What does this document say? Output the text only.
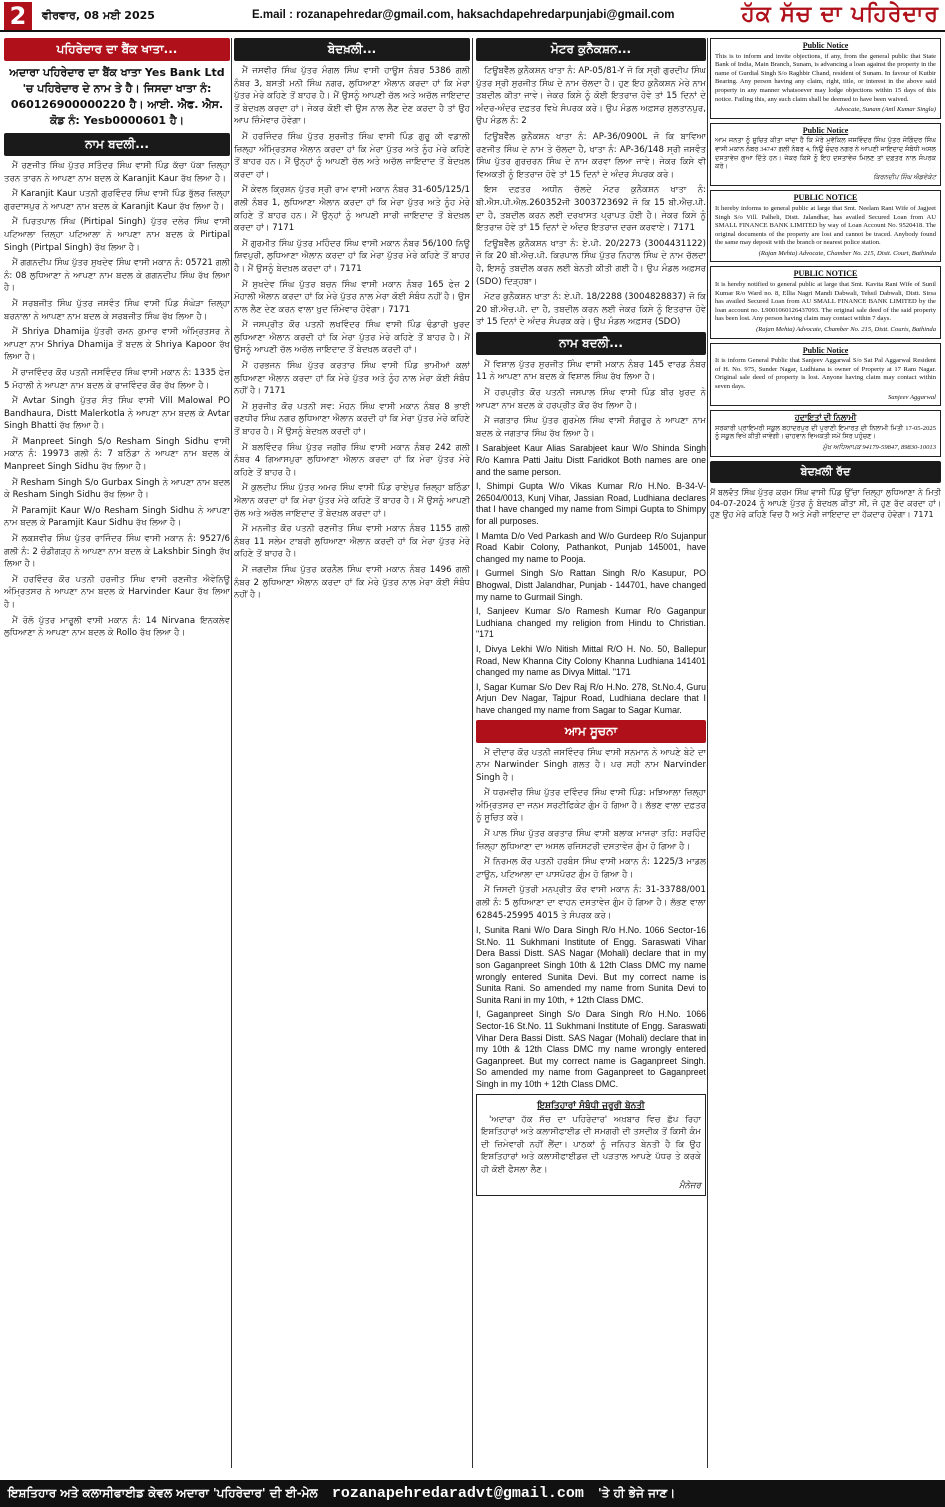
2	ਵੀਰਵਾਰ, 08 ਮਈ 2025	E.mail : rozanapehredar@gmail.com, haksachdapehredarpunjabi@gmail.com	ਹੱਕ ਸੱਚ ਦਾ ਪਹਿਰੇਦਾਰ
ਪਹਿਰੇਦਾਰ ਦਾ ਬੈਂਕ ਖਾਤਾ...
ਅਦਾਰਾ ਪਹਿਰੇਦਾਰ ਦਾ ਬੈਂਕ ਖਾਤਾ Yes Bank Ltd 'ਚ ਪਹਿਰੇਦਾਰ ਦੇ ਨਾਮ ਤੇ ਹੈ। ਜਿਸਦਾ ਖਾਤਾ ਨੰ: 060126900000220 ਹੈ। ਆਈ. ਐਫ. ਐਸ. ਕੋਡ ਨੰ: Yesb0000601 ਹੈ।
ਨਾਮ ਬਦਲੀ...

ਮੈਂ ਰਣਜੀਤ ਸਿੰਘ ਪੁੱਤਰ ਸਤਿੰਦਰ ਸਿੰਘ ਵਾਸੀ ਪਿੰਡ ਕੱਚਾ ਪੱਕਾ ਜ਼ਿਲ੍ਹਾ ਤਰਨ ਤਾਰਨ ਨੇ ਆਪਣਾ ਨਾਮ ਬਦਲ ਕੇ Karanjit Kaur ਰੱਖ ਲਿਆ ਹੈ।

ਮੈਂ Karanjit Kaur ਪਤਨੀ ਗੁਰਵਿੰਦਰ ਸਿੰਘ ਵਾਸੀ ਪਿੰਡ ਭੁੱਲਰ ਜ਼ਿਲ੍ਹਾ ਗੁਰਦਾਸਪੁਰ ਨੇ ਆਪਣਾ ਨਾਮ ਬਦਲ ਕੇ Karanjit Kaur ਰੱਖ ਲਿਆ ਹੈ।

ਮੈਂ ਪਿਰਤਪਾਲ ਸਿੰਘ (Pirtipal Singh) ਪੁੱਤਰ ਦਲੇਰ ਸਿੰਘ ਵਾਸੀ ਪਟਿਆਲਾ ਜ਼ਿਲ੍ਹਾ ਪਟਿਆਲਾ ਨੇ ਆਪਣਾ ਨਾਮ ਬਦਲ ਕੇ Pirtipal Singh (Pirtpal Singh) ਰੱਖ ਲਿਆ ਹੈ।

ਮੈਂ ਗਗਨਦੀਪ ਸਿੰਘ ਪੁੱਤਰ ਸੁਖਦੇਵ ਸਿੰਘ ਵਾਸੀ ਮਕਾਨ ਨੰ: 05721 ਗਲੀ ਨੰ: 08 ਲੁਧਿਆਣਾ ਨੇ ਆਪਣਾ ਨਾਮ ਬਦਲ ਕੇ ਗਗਨਦੀਪ ਸਿੰਘ ਰੱਖ ਲਿਆ ਹੈ।

ਮੈਂ ਸਰਬਜੀਤ ਸਿੰਘ ਪੁੱਤਰ ਜਸਵੰਤ ਸਿੰਘ ਵਾਸੀ ਪਿੰਡ ਸੰਘੇੜਾ ਜ਼ਿਲ੍ਹਾ ਬਰਨਾਲਾ ਨੇ ਆਪਣਾ ਨਾਮ ਬਦਲ ਕੇ ਸਰਬਜੀਤ ਸਿੰਘ ਰੱਖ ਲਿਆ ਹੈ।

ਮੈਂ Shriya Dhamija ਪੁੱਤਰੀ ਰਮਨ ਕੁਮਾਰ ਵਾਸੀ ਅੰਮ੍ਰਿਤਸਰ ਨੇ ਆਪਣਾ ਨਾਮ Shriya Dhamija ਤੋਂ ਬਦਲ ਕੇ Shriya Kapoor ਰੱਖ ਲਿਆ ਹੈ।

ਮੈਂ ਰਾਜਵਿੰਦਰ ਕੌਰ ਪਤਨੀ ਜਸਵਿੰਦਰ ਸਿੰਘ ਵਾਸੀ ਮਕਾਨ ਨੰ: 1335 ਫੇਜ਼ 5 ਮੋਹਾਲੀ ਨੇ ਆਪਣਾ ਨਾਮ ਬਦਲ ਕੇ ਰਾਜਵਿੰਦਰ ਕੌਰ ਰੱਖ ਲਿਆ ਹੈ।

ਮੈਂ Avtar Singh ਪੁੱਤਰ ਸੰਤ ਸਿੰਘ ਵਾਸੀ Vill Malowal PO Bandhaura, Distt Malerkotla ਨੇ ਆਪਣਾ ਨਾਮ ਬਦਲ ਕੇ Avtar Singh Bhatti ਰੱਖ ਲਿਆ ਹੈ।

ਮੈਂ Manpreet Singh S/o Resham Singh Sidhu ਵਾਸੀ ਮਕਾਨ ਨੰ: 19973 ਗਲੀ ਨੰ: 7 ਬਠਿੰਡਾ ਨੇ ਆਪਣਾ ਨਾਮ ਬਦਲ ਕੇ Manpreet Singh Sidhu ਰੱਖ ਲਿਆ ਹੈ।

ਮੈਂ Resham Singh S/o Gurbax Singh ਨੇ ਆਪਣਾ ਨਾਮ ਬਦਲ ਕੇ Resham Singh Sidhu ਰੱਖ ਲਿਆ ਹੈ।

ਮੈਂ Paramjit Kaur W/o Resham Singh Sidhu ਨੇ ਆਪਣਾ ਨਾਮ ਬਦਲ ਕੇ Paramjit Kaur Sidhu ਰੱਖ ਲਿਆ ਹੈ।

ਮੈਂ ਲਕਸ਼ਵੀਰ ਸਿੰਘ ਪੁੱਤਰ ਰਾਜਿੰਦਰ ਸਿੰਘ ਵਾਸੀ ਮਕਾਨ ਨੰ: 9527/6 ਗਲੀ ਨੰ: 2 ਚੰਡੀਗੜ੍ਹ ਨੇ ਆਪਣਾ ਨਾਮ ਬਦਲ ਕੇ Lakshbir Singh ਰੱਖ ਲਿਆ ਹੈ।

ਮੈਂ ਹਰਵਿੰਦਰ ਕੌਰ ਪਤਨੀ ਹਰਜੀਤ ਸਿੰਘ ਵਾਸੀ ਰਣਜੀਤ ਐਵੇਨਿਊ ਅੰਮ੍ਰਿਤਸਰ ਨੇ ਆਪਣਾ ਨਾਮ ਬਦਲ ਕੇ Harvinder Kaur ਰੱਖ ਲਿਆ ਹੈ।

ਮੈਂ ਰੋਲੋ ਪੁੱਤਰ ਮਾਰੂਲੀ ਵਾਸੀ ਮਕਾਨ ਨੰ: 14 Nirvana ਇਨਕਲੇਵ ਲੁਧਿਆਣਾ ਨੇ ਆਪਣਾ ਨਾਮ ਬਦਲ ਕੇ Rollo ਰੱਖ ਲਿਆ ਹੈ।

ਬੇਦਖ਼ਲੀ...

ਮੈਂ ਜਸਵੀਰ ਸਿੰਘ ਪੁੱਤਰ ਮੰਗਲ ਸਿੰਘ ਵਾਸੀ ਹਾਊਸ ਨੰਬਰ 5386 ਗਲੀ ਨੰਬਰ 3, ਬਸਤੀ ਮਨੀ ਸਿੰਘ ਨਗਰ, ਲੁਧਿਆਣਾ ਐਲਾਨ ਕਰਦਾ ਹਾਂ ਕਿ ਮੇਰਾ ਪੁੱਤਰ ਮੇਰੇ ਕਹਿਣੇ ਤੋਂ ਬਾਹਰ ਹੈ। ਮੈਂ ਉਸਨੂੰ ਆਪਣੀ ਚੱਲ ਅਤੇ ਅਚੱਲ ਜਾਇਦਾਦ ਤੋਂ ਬੇਦਖ਼ਲ ਕਰਦਾ ਹਾਂ। ਜੇਕਰ ਕੋਈ ਵੀ ਉਸ ਨਾਲ ਲੈਣ ਦੇਣ ਕਰਦਾ ਹੈ ਤਾਂ ਉਹ ਆਪ ਜ਼ਿੰਮੇਵਾਰ ਹੋਵੇਗਾ।

ਮੈਂ ਹਰਜਿੰਦਰ ਸਿੰਘ ਪੁੱਤਰ ਸੁਰਜੀਤ ਸਿੰਘ ਵਾਸੀ ਪਿੰਡ ਗੁਰੂ ਕੀ ਵਡਾਲੀ ਜ਼ਿਲ੍ਹਾ ਅੰਮ੍ਰਿਤਸਰ ਐਲਾਨ ਕਰਦਾ ਹਾਂ ਕਿ ਮੇਰਾ ਪੁੱਤਰ ਅਤੇ ਨੂੰਹ ਮੇਰੇ ਕਹਿਣੇ ਤੋਂ ਬਾਹਰ ਹਨ। ਮੈਂ ਉਨ੍ਹਾਂ ਨੂੰ ਆਪਣੀ ਚੱਲ ਅਤੇ ਅਚੱਲ ਜਾਇਦਾਦ ਤੋਂ ਬੇਦਖ਼ਲ ਕਰਦਾ ਹਾਂ।

ਮੈਂ ਕੇਵਲ ਕ੍ਰਿਸ਼ਨ ਪੁੱਤਰ ਸ੍ਰੀ ਰਾਮ ਵਾਸੀ ਮਕਾਨ ਨੰਬਰ 31-605/125/1 ਗਲੀ ਨੰਬਰ 1, ਲੁਧਿਆਣਾ ਐਲਾਨ ਕਰਦਾ ਹਾਂ ਕਿ ਮੇਰਾ ਪੁੱਤਰ ਅਤੇ ਨੂੰਹ ਮੇਰੇ ਕਹਿਣੇ ਤੋਂ ਬਾਹਰ ਹਨ। ਮੈਂ ਉਨ੍ਹਾਂ ਨੂੰ ਆਪਣੀ ਸਾਰੀ ਜਾਇਦਾਦ ਤੋਂ ਬੇਦਖ਼ਲ ਕਰਦਾ ਹਾਂ। 7171

ਮੈਂ ਗੁਰਮੀਤ ਸਿੰਘ ਪੁੱਤਰ ਮਹਿੰਦਰ ਸਿੰਘ ਵਾਸੀ ਮਕਾਨ ਨੰਬਰ 56/100 ਨਿਊ ਸ਼ਿਵਪੁਰੀ, ਲੁਧਿਆਣਾ ਐਲਾਨ ਕਰਦਾ ਹਾਂ ਕਿ ਮੇਰਾ ਪੁੱਤਰ ਮੇਰੇ ਕਹਿਣੇ ਤੋਂ ਬਾਹਰ ਹੈ। ਮੈਂ ਉਸਨੂੰ ਬੇਦਖ਼ਲ ਕਰਦਾ ਹਾਂ। 7171

ਮੈਂ ਸੁਖਦੇਵ ਸਿੰਘ ਪੁੱਤਰ ਬਚਨ ਸਿੰਘ ਵਾਸੀ ਮਕਾਨ ਨੰਬਰ 165 ਫੇਜ਼ 2 ਮੋਹਾਲੀ ਐਲਾਨ ਕਰਦਾ ਹਾਂ ਕਿ ਮੇਰੇ ਪੁੱਤਰ ਨਾਲ ਮੇਰਾ ਕੋਈ ਸੰਬੰਧ ਨਹੀਂ ਹੈ। ਉਸ ਨਾਲ ਲੈਣ ਦੇਣ ਕਰਨ ਵਾਲਾ ਖ਼ੁਦ ਜ਼ਿੰਮੇਵਾਰ ਹੋਵੇਗਾ। 7171

ਮੈਂ ਜਸਪ੍ਰੀਤ ਕੌਰ ਪਤਨੀ ਲਖਵਿੰਦਰ ਸਿੰਘ ਵਾਸੀ ਪਿੰਡ ਢੰਡਾਰੀ ਖੁਰਦ ਲੁਧਿਆਣਾ ਐਲਾਨ ਕਰਦੀ ਹਾਂ ਕਿ ਮੇਰਾ ਪੁੱਤਰ ਮੇਰੇ ਕਹਿਣੇ ਤੋਂ ਬਾਹਰ ਹੈ। ਮੈਂ ਉਸਨੂੰ ਆਪਣੀ ਚੱਲ ਅਚੱਲ ਜਾਇਦਾਦ ਤੋਂ ਬੇਦਖ਼ਲ ਕਰਦੀ ਹਾਂ।

ਮੈਂ ਹਰਭਜਨ ਸਿੰਘ ਪੁੱਤਰ ਕਰਤਾਰ ਸਿੰਘ ਵਾਸੀ ਪਿੰਡ ਭਾਮੀਆਂ ਕਲਾਂ ਲੁਧਿਆਣਾ ਐਲਾਨ ਕਰਦਾ ਹਾਂ ਕਿ ਮੇਰੇ ਪੁੱਤਰ ਅਤੇ ਨੂੰਹ ਨਾਲ ਮੇਰਾ ਕੋਈ ਸੰਬੰਧ ਨਹੀਂ ਹੈ। 7171

ਮੈਂ ਸੁਰਜੀਤ ਕੌਰ ਪਤਨੀ ਸਵ: ਮੋਹਨ ਸਿੰਘ ਵਾਸੀ ਮਕਾਨ ਨੰਬਰ 8 ਭਾਈ ਰਣਧੀਰ ਸਿੰਘ ਨਗਰ ਲੁਧਿਆਣਾ ਐਲਾਨ ਕਰਦੀ ਹਾਂ ਕਿ ਮੇਰਾ ਪੁੱਤਰ ਮੇਰੇ ਕਹਿਣੇ ਤੋਂ ਬਾਹਰ ਹੈ। ਮੈਂ ਉਸਨੂੰ ਬੇਦਖ਼ਲ ਕਰਦੀ ਹਾਂ।

ਮੈਂ ਬਲਵਿੰਦਰ ਸਿੰਘ ਪੁੱਤਰ ਜਗੀਰ ਸਿੰਘ ਵਾਸੀ ਮਕਾਨ ਨੰਬਰ 242 ਗਲੀ ਨੰਬਰ 4 ਗਿਆਸਪੁਰਾ ਲੁਧਿਆਣਾ ਐਲਾਨ ਕਰਦਾ ਹਾਂ ਕਿ ਮੇਰਾ ਪੁੱਤਰ ਮੇਰੇ ਕਹਿਣੇ ਤੋਂ ਬਾਹਰ ਹੈ।

ਮੈਂ ਕੁਲਦੀਪ ਸਿੰਘ ਪੁੱਤਰ ਅਮਰ ਸਿੰਘ ਵਾਸੀ ਪਿੰਡ ਰਾਏਪੁਰ ਜ਼ਿਲ੍ਹਾ ਬਠਿੰਡਾ ਐਲਾਨ ਕਰਦਾ ਹਾਂ ਕਿ ਮੇਰਾ ਪੁੱਤਰ ਮੇਰੇ ਕਹਿਣੇ ਤੋਂ ਬਾਹਰ ਹੈ। ਮੈਂ ਉਸਨੂੰ ਆਪਣੀ ਚੱਲ ਅਤੇ ਅਚੱਲ ਜਾਇਦਾਦ ਤੋਂ ਬੇਦਖ਼ਲ ਕਰਦਾ ਹਾਂ।

ਮੈਂ ਮਨਜੀਤ ਕੌਰ ਪਤਨੀ ਰਣਜੀਤ ਸਿੰਘ ਵਾਸੀ ਮਕਾਨ ਨੰਬਰ 1155 ਗਲੀ ਨੰਬਰ 11 ਸਲੇਮ ਟਾਬਰੀ ਲੁਧਿਆਣਾ ਐਲਾਨ ਕਰਦੀ ਹਾਂ ਕਿ ਮੇਰਾ ਪੁੱਤਰ ਮੇਰੇ ਕਹਿਣੇ ਤੋਂ ਬਾਹਰ ਹੈ।

ਮੈਂ ਜਗਦੀਸ਼ ਸਿੰਘ ਪੁੱਤਰ ਕਰਨੈਲ ਸਿੰਘ ਵਾਸੀ ਮਕਾਨ ਨੰਬਰ 1496 ਗਲੀ ਨੰਬਰ 2 ਲੁਧਿਆਣਾ ਐਲਾਨ ਕਰਦਾ ਹਾਂ ਕਿ ਮੇਰੇ ਪੁੱਤਰ ਨਾਲ ਮੇਰਾ ਕੋਈ ਸੰਬੰਧ ਨਹੀਂ ਹੈ।

ਮੋਟਰ ਕੁਨੈਕਸ਼ਨ...

ਟਿਊਬਵੈੱਲ ਕੁਨੈਕਸ਼ਨ ਖਾਤਾ ਨੰ: AP-05/81-Y ਜੋ ਕਿ ਸ੍ਰੀ ਗੁਰਦੀਪ ਸਿੰਘ ਪੁੱਤਰ ਸ੍ਰੀ ਸੁਰਜੀਤ ਸਿੰਘ ਦੇ ਨਾਮ ਚੱਲਦਾ ਹੈ। ਹੁਣ ਇਹ ਕੁਨੈਕਸ਼ਨ ਮੇਰੇ ਨਾਮ ਤਬਦੀਲ ਕੀਤਾ ਜਾਵੇ। ਜੇਕਰ ਕਿਸੇ ਨੂੰ ਕੋਈ ਇਤਰਾਜ਼ ਹੋਵੇ ਤਾਂ 15 ਦਿਨਾਂ ਦੇ ਅੰਦਰ-ਅੰਦਰ ਦਫ਼ਤਰ ਵਿਖੇ ਸੰਪਰਕ ਕਰੇ। ਉਪ ਮੰਡਲ ਅਫ਼ਸਰ ਸੁਲਤਾਨਪੁਰ, ਉਪ ਮੰਡਲ ਨੰ: 2

ਟਿਊਬਵੈੱਲ ਕੁਨੈਕਸ਼ਨ ਖਾਤਾ ਨੰ: AP-36/0900L ਜੋ ਕਿ ਬਾਵਿਆ ਰਣਜੀਤ ਸਿੰਘ ਦੇ ਨਾਮ ਤੇ ਚੱਲਦਾ ਹੈ, ਖਾਤਾ ਨੰ: AP-36/148 ਸ੍ਰੀ ਜਸਵੰਤ ਸਿੰਘ ਪੁੱਤਰ ਗੁਰਚਰਨ ਸਿੰਘ ਦੇ ਨਾਮ ਕਰਵਾ ਲਿਆ ਜਾਵੇ। ਜੇਕਰ ਕਿਸੇ ਵੀ ਵਿਅਕਤੀ ਨੂੰ ਇਤਰਾਜ਼ ਹੋਵੇ ਤਾਂ 15 ਦਿਨਾਂ ਦੇ ਅੰਦਰ ਸੰਪਰਕ ਕਰੇ।

ਇਸ ਦਫ਼ਤਰ ਅਧੀਨ ਚੱਲਦੇ ਮੋਟਰ ਕੁਨੈਕਸ਼ਨ ਖਾਤਾ ਨੰ: ਬੀ.ਐਸ.ਪੀ.ਐਲ.260352ਜੀ 3003723692 ਜੋ ਕਿ 15 ਬੀ.ਐਚ.ਪੀ. ਦਾ ਹੈ, ਤਬਦੀਲ ਕਰਨ ਲਈ ਦਰਖਾਸਤ ਪ੍ਰਾਪਤ ਹੋਈ ਹੈ। ਜੇਕਰ ਕਿਸੇ ਨੂੰ ਇਤਰਾਜ਼ ਹੋਵੇ ਤਾਂ 15 ਦਿਨਾਂ ਦੇ ਅੰਦਰ ਇਤਰਾਜ਼ ਦਰਜ ਕਰਵਾਏ। 7171

ਟਿਊਬਵੈੱਲ ਕੁਨੈਕਸ਼ਨ ਖਾਤਾ ਨੰ: ਏ.ਪੀ. 20/2273 (3004431122) ਜੋ ਕਿ 20 ਬੀ.ਐਚ.ਪੀ. ਕਿਰਪਾਲ ਸਿੰਘ ਪੁੱਤਰ ਨਿਹਾਲ ਸਿੰਘ ਦੇ ਨਾਮ ਚੱਲਦਾ ਹੈ, ਇਸਨੂੰ ਤਬਦੀਲ ਕਰਨ ਲਈ ਬੇਨਤੀ ਕੀਤੀ ਗਈ ਹੈ। ਉਪ ਮੰਡਲ ਅਫ਼ਸਰ (SDO) ਦਿੜ੍ਹਬਾ।

ਮੋਟਰ ਕੁਨੈਕਸ਼ਨ ਖਾਤਾ ਨੰ: ਏ.ਪੀ. 18/2288 (3004828837) ਜੋ ਕਿ 20 ਬੀ.ਐਚ.ਪੀ. ਦਾ ਹੈ, ਤਬਦੀਲ ਕਰਨ ਲਈ ਜੇਕਰ ਕਿਸੇ ਨੂੰ ਇਤਰਾਜ਼ ਹੋਵੇ ਤਾਂ 15 ਦਿਨਾਂ ਦੇ ਅੰਦਰ ਸੰਪਰਕ ਕਰੇ। ਉਪ ਮੰਡਲ ਅਫ਼ਸਰ (SDO)

ਨਾਮ ਬਦਲੀ...

ਮੈਂ ਵਿਸ਼ਾਲ ਪੁੱਤਰ ਸੁਰਜੀਤ ਸਿੰਘ ਵਾਸੀ ਮਕਾਨ ਨੰਬਰ 145 ਵਾਰਡ ਨੰਬਰ 11 ਨੇ ਆਪਣਾ ਨਾਮ ਬਦਲ ਕੇ ਵਿਸ਼ਾਲ ਸਿੰਘ ਰੱਖ ਲਿਆ ਹੈ।

ਮੈਂ ਹਰਪ੍ਰੀਤ ਕੌਰ ਪਤਨੀ ਜਸਪਾਲ ਸਿੰਘ ਵਾਸੀ ਪਿੰਡ ਬੀਰ ਖੁਰਦ ਨੇ ਆਪਣਾ ਨਾਮ ਬਦਲ ਕੇ ਹਰਪ੍ਰੀਤ ਕੌਰ ਰੱਖ ਲਿਆ ਹੈ।

ਮੈਂ ਜਗਤਾਰ ਸਿੰਘ ਪੁੱਤਰ ਗੁਰਮੇਲ ਸਿੰਘ ਵਾਸੀ ਸੰਗਰੂਰ ਨੇ ਆਪਣਾ ਨਾਮ ਬਦਲ ਕੇ ਜਗਤਾਰ ਸਿੰਘ ਰੱਖ ਲਿਆ ਹੈ।

I Sarabjeet Kaur Alias Sarabjeet kaur W/o Shinda Singh R/o Kamra Patti Jaitu Distt Faridkot Both names are one and the same person.

I, Shimpi Gupta W/o Vikas Kumar R/o H.No. B-34-V-26504/0013, Kunj Vihar, Jassian Road, Ludhiana declares that I have changed my name from Simpi Gupta to Shimpy for all purposes.

I Mamta D/o Ved Parkash and W/o Gurdeep R/o Sujanpur Road Kabir Colony, Pathankot, Punjab 145001, have changed my name to Pooja.

I Gurmel Singh S/o Rattan Singh R/o Kasupur, PO Bhogwal, Distt Jalandhar, Punjab - 144701, have changed my name to Gurmail Singh.

I, Sanjeev Kumar S/o Ramesh Kumar R/o Gaganpur Ludhiana changed my religion from Hindu to Christian. "171

I, Divya Lekhi W/o Nitish Mittal R/O H. No. 50, Ballepur Road, New Khanna City Colony Khanna Ludhiana 141401 changed my name as Divya Mittal. "171

I, Sagar Kumar S/o Dev Raj R/o H.No. 278, St.No.4, Guru Arjun Dev Nagar, Tajpur Road, Ludhiana declare that I have changed my name from Sagar to Sagar Kumar.

ਆਮ ਸੂਚਨਾ

ਮੈਂ ਦੀਦਾਰ ਕੌਰ ਪਤਨੀ ਜਸਵਿੰਦਰ ਸਿੰਘ ਵਾਸੀ ਸਨਮਾਨ ਨੇ ਆਪਣੇ ਬੇਟੇ ਦਾ ਨਾਮ Narwinder Singh ਗਲਤ ਹੈ। ਪਰ ਸਹੀ ਨਾਮ Narvinder Singh ਹੈ।

ਮੈਂ ਧਰਮਵੀਰ ਸਿੰਘ ਪੁੱਤਰ ਦਵਿੰਦਰ ਸਿੰਘ ਵਾਸੀ ਪਿੰਡ: ਮਝਿਆਲਾ ਜ਼ਿਲ੍ਹਾ ਅੰਮ੍ਰਿਤਸਰ ਦਾ ਜਨਮ ਸਰਟੀਫਿਕੇਟ ਗੁੰਮ ਹੋ ਗਿਆ ਹੈ। ਲੱਭਣ ਵਾਲਾ ਦਫ਼ਤਰ ਨੂੰ ਸੂਚਿਤ ਕਰੇ।

ਮੈਂ ਪਾਲ ਸਿੰਘ ਪੁੱਤਰ ਕਰਤਾਰ ਸਿੰਘ ਵਾਸੀ ਬਲਾਕ ਮਾਜਰਾ ਤਹਿ: ਸਰਹਿੰਦ ਜ਼ਿਲ੍ਹਾ ਲੁਧਿਆਣਾ ਦਾ ਅਸਲ ਰਜਿਸਟਰੀ ਦਸਤਾਵੇਜ਼ ਗੁੰਮ ਹੋ ਗਿਆ ਹੈ।

ਮੈਂ ਨਿਰਮਲ ਕੌਰ ਪਤਨੀ ਹਰਬੰਸ ਸਿੰਘ ਵਾਸੀ ਮਕਾਨ ਨੰ: 1225/3 ਮਾਡਲ ਟਾਊਨ, ਪਟਿਆਲਾ ਦਾ ਪਾਸਪੋਰਟ ਗੁੰਮ ਹੋ ਗਿਆ ਹੈ।

ਮੈਂ ਜਿਸਦੀ ਪੁੱਤਰੀ ਮਨਪ੍ਰੀਤ ਕੌਰ ਵਾਸੀ ਮਕਾਨ ਨੰ: 31-33788/001 ਗਲੀ ਨੰ: 5 ਲੁਧਿਆਣਾ ਦਾ ਵਾਹਨ ਦਸਤਾਵੇਜ਼ ਗੁੰਮ ਹੋ ਗਿਆ ਹੈ। ਲੱਭਣ ਵਾਲਾ 62845-25995 4015 ਤੇ ਸੰਪਰਕ ਕਰੇ।

I, Sunita Rani W/o Dara Singh R/o H.No. 1066 Sector-16 St.No. 11 Sukhmani Institute of Engg. Saraswati Vihar Dera Bassi Distt. SAS Nagar (Mohali) declare that in my son Gaganpreet Singh 10th & 12th Class DMC my name wrongly entered Sunita Devi. But my correct name is Sunita Rani. So amended my name from Sunita Devi to Sunita Rani in my 10th, + 12th Class DMC.

I, Gaganpreet Singh S/o Dara Singh R/o H.No. 1066 Sector-16 St.No. 11 Sukhmani Institute of Engg. Saraswati Vihar Dera Bassi Distt. SAS Nagar (Mohali) declare that in my 10th & 12th Class DMC my name wrongly entered Gaganpreet. But my correct name is Gaganpreet Singh. So amended my name from Gaganpreet to Gaganpreet Singh in my 10th + 12th Class DMC.

ਇਸ਼ਤਿਹਾਰਾਂ ਸੰਬੰਧੀ ਜ਼ਰੂਰੀ ਬੇਨਤੀ

'ਅਦਾਰਾ ਹੱਕ ਸੱਚ ਦਾ ਪਹਿਰੇਦਾਰ' ਅਖ਼ਬਾਰ ਵਿਚ ਛੱਪ ਰਿਹਾ ਇਸ਼ਤਿਹਾਰਾਂ ਅਤੇ ਕਲਾਸੀਫਾਈਡ ਦੀ ਸਮਗਰੀ ਦੀ ਤਸਦੀਕ ਤੋਂ ਕਿਸੀ ਕੰਮ ਦੀ ਜ਼ਿਮੇਵਾਰੀ ਨਹੀਂ ਲੈਂਦਾ। ਪਾਠਕਾਂ ਨੂੰ ਜਨਿਹਤ ਬੇਨਤੀ ਹੈ ਕਿ ਉਹ ਇਸ਼ਤਿਹਾਰਾਂ ਅਤੇ ਕਲਾਸੀਫਾਈਡਜ਼ ਦੀ ਪੜਤਾਲ ਆਪਣੇ ਪੱਧਰ ਤੇ ਕਰਕੇ ਹੀ ਕੋਈ ਫੈਸਲਾ ਲੈਣ।

ਮੈਨੇਜਰ
Public Notice
This is to inform and invite objections, if any, from the general public that State Bank of India, Main Branch, Sunam, is advancing a loan against the property in the name of Gurdial Singh S/o Raghbir Chand, resident of Sunam. In favour of Kutbir Bearing. Any person having any claim, right, title, or interest in the above said property in any manner whatsoever may lodge objections within 15 days of this notice. Failing this, any such claim shall be deemed to have been waived.
Advocate, Sunam (Anil Kumar Singla)
Public Notice
ਆਮ ਜਨਤਾ ਨੂੰ ਸੂਚਿਤ ਕੀਤਾ ਜਾਂਦਾ ਹੈ ਕਿ ਮੇਰੇ ਮੁਵੱਕਿਲ ਜਸਵਿੰਦਰ ਸਿੰਘ ਪੁੱਤਰ ਜੋਗਿੰਦਰ ਸਿੰਘ ਵਾਸੀ ਮਕਾਨ ਨੰਬਰ 34747 ਗਲੀ ਨੰਬਰ 4, ਨਿਊ ਚੰਦਰ ਨਗਰ ਨੇ ਆਪਣੀ ਜਾਇਦਾਦ ਸੰਬੰਧੀ ਅਸਲ ਦਸਤਾਵੇਜ਼ ਗੁਆ ਦਿੱਤੇ ਹਨ। ਜੇਕਰ ਕਿਸੇ ਨੂੰ ਇਹ ਦਸਤਾਵੇਜ਼ ਮਿਲਣ ਤਾਂ ਦਫ਼ਤਰ ਨਾਲ ਸੰਪਰਕ ਕਰੇ।
ਕਿਰਨਦੀਪ ਸਿੰਘ ਐਡਵੋਕੇਟ
PUBLIC NOTICE
It hereby informs to general public at large that Smt. Neelam Rani Wife of Jagjeet Singh S/o Vill. Palheli, Distt. Jalandhar, has availed Secured Loan from AU SMALL FINANCE BANK LIMITED by way of Loan Account No. 9520418. The original documents of the property are lost and cannot be traced. Anybody found the same may deposit with the branch or nearest police station.
(Rajan Mehta) Advocate, Chamber No. 215, Distt. Court, Bathinda
PUBLIC NOTICE
It is hereby notified to general public at large that Smt. Kavita Rani Wife of Sunil Kumar R/o Ward no. 8, Ellia Nagri Mandi Dabwali, Tehsil Dabwali, Distt. Sirsa has availed Secured Loan from AU SMALL FINANCE BANK LIMITED by the loan account no. L9001060126437093. The original sale deed of the said property has been lost. Any person having claim may contact within 7 days.
(Rajan Mehta) Advocate, Chamber No. 215, Distt. Courts, Bathinda
Public Notice
It is inform General Public that Sanjeev Aggarwal S/o Sat Pal Aggarwal Resident of H. No. 975, Sunder Nagar, Ludhiana is owner of Property at 17 Ram Nagar. Original sale deed of property is lost. Anyone having claim may contact within seven days.
Sanjeev Aggarwal
ਹਦਾਇਤਾਂ ਦੀ ਨਿਲਾਮੀ
ਸਰਕਾਰੀ ਪ੍ਰਾਇਮਰੀ ਸਕੂਲ ਬਹਾਦਰਪੁਰ ਦੀ ਪੁਰਾਣੀ ਇਮਾਰਤ ਦੀ ਨਿਲਾਮੀ ਮਿਤੀ 17-05-2025 ਨੂੰ ਸਕੂਲ ਵਿਖੇ ਕੀਤੀ ਜਾਵੇਗੀ। ਚਾਹਵਾਨ ਵਿਅਕਤੀ ਸਮੇਂ ਸਿਰ ਪਹੁੰਚਣ।
ਮੁੱਖ ਅਧਿਆਪਕ 94179-59847, 89830-10013
ਬੇਦਖ਼ਲੀ ਰੱਦ

ਮੈਂ ਬਲਵੰਤ ਸਿੰਘ ਪੁੱਤਰ ਕਰਮ ਸਿੰਘ ਵਾਸੀ ਪਿੰਡ ਉੱਚਾ ਜ਼ਿਲ੍ਹਾ ਲੁਧਿਆਣਾ ਨੇ ਮਿਤੀ 04-07-2024 ਨੂੰ ਆਪਣੇ ਪੁੱਤਰ ਨੂੰ ਬੇਦਖ਼ਲ ਕੀਤਾ ਸੀ, ਜੋ ਹੁਣ ਰੱਦ ਕਰਦਾ ਹਾਂ। ਹੁਣ ਉਹ ਮੇਰੇ ਕਹਿਣੇ ਵਿਚ ਹੈ ਅਤੇ ਮੇਰੀ ਜਾਇਦਾਦ ਦਾ ਹੱਕਦਾਰ ਹੋਵੇਗਾ। 7171

ਇਸ਼ਤਿਹਾਰ ਅਤੇ ਕਲਾਸੀਫਾਈਡ ਕੇਵਲ ਅਦਾਰਾ 'ਪਹਿਰੇਦਾਰ' ਦੀ ਈ-ਮੇਲ rozanapehredaradvt@gmail.com 'ਤੇ ਹੀ ਭੇਜੇ ਜਾਣ।
